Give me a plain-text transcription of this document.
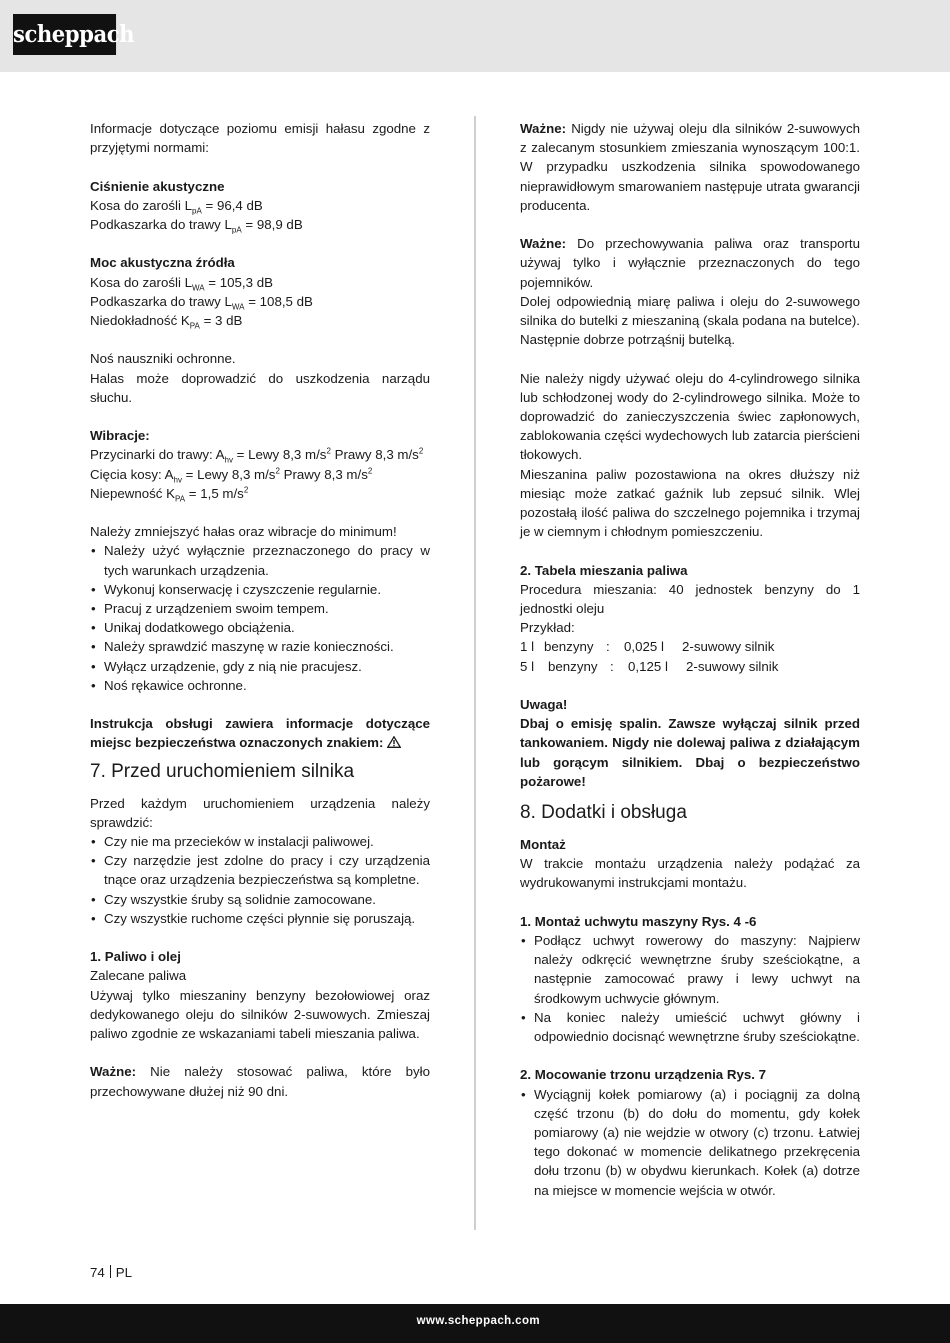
scheppach
Informacje dotyczące poziomu emisji hałasu zgodne z przyjętymi normami:
Ciśnienie akustyczne
Kosa do zarośli $L_{pA} = 96,4$ dB
Podkaszarka do trawy $L_{pA} = 98,9$ dB
Moc akustyczna źródła
Kosa do zarośli $L_{WA} = 105,3$ dB
Podkaszarka do trawy $L_{WA} = 108,5$ dB
Niedokładność $K_{PA} = 3$ dB
Noś nauszniki ochronne.
Halas może doprowadzić do uszkodzenia narządu słuchu.
Wibracje:
Przycinarki do trawy: $A_{hv}$ = Lewy 8,3 $m/s^2$ Prawy 8,3 $m/s^2$
Cięcia kosy: $A_{hv}$ = Lewy 8,3 $m/s^2$ Prawy 8,3 $m/s^2$
Niepewność $K_{PA} = 1,5$ $m/s^2$
Należy zmniejszyć hałas oraz wibracje do minimum!
• Należy użyć wyłącznie przeznaczonego do pracy w tych warunkach urządzenia.
• Wykonuj konserwację i czyszczenie regularnie.
• Pracuj z urządzeniem swoim tempem.
• Unikaj dodatkowego obciążenia.
• Należy sprawdzić maszynę w razie konieczności.
• Wyłącz urządzenie, gdy z nią nie pracujesz.
• Noś rękawice ochronne.
Instrukcja obsługi zawiera informacje dotyczące miejsc bezpieczeństwa oznaczonych znakiem:
7. Przed uruchomieniem silnika
Przed każdym uruchomieniem urządzenia należy sprawdzić:
• Czy nie ma przecieków w instalacji paliwowej.
• Czy narzędzie jest zdolne do pracy i czy urządzenia tnące oraz urządzenia bezpieczeństwa są kompletne.
• Czy wszystkie śruby są solidnie zamocowane.
• Czy wszystkie ruchome części płynnie się poruszają.
1. Paliwo i olej
Zalecane paliwa
Używaj tylko mieszaniny benzyny bezołowiowej oraz dedykowanego oleju do silników 2-suwowych. Zmieszaj paliwo zgodnie ze wskazaniami tabeli mieszania paliwa.
Ważne: Nie należy stosować paliwa, które było przechowywane dłużej niż 90 dni.
Ważne: Nigdy nie używaj oleju dla silników 2-suwowych z zalecanym stosunkiem zmieszania wynoszącym 100:1. W przypadku uszkodzenia silnika spowodowanego nieprawidłowym smarowaniem następuje utrata gwarancji producenta.
Ważne: Do przechowywania paliwa oraz transportu używaj tylko i wyłącznie przeznaczonych do tego pojemników.
Dolej odpowiednią miarę paliwa i oleju do 2-suwowego silnika do butelki z mieszaniną (skala podana na butelce). Następnie dobrze potrząśnij butelką.
Nie należy nigdy używać oleju do 4-cylindrowego silnika lub schłodzonej wody do 2-cylindrowego silnika. Może to doprowadzić do zanieczyszczenia świec zapłonowych, zablokowania części wydechowych lub zatarcia pierścieni tłokowych.
Mieszanina paliw pozostawiona na okres dłuższy niż miesiąc może zatkać gaźnik lub zepsuć silnik. Wlej pozostałą ilość paliwa do szczelnego pojemnika i trzymaj je w ciemnym i chłodnym pomieszczeniu.
2. Tabela mieszania paliwa
Procedura mieszania: 40 jednostek benzyny do 1 jednostki oleju
Przykład:
1 l benzyny : 0,025 l 2-suwowy silnik
5 l benzyny : 0,125 l 2-suwowy silnik
Uwaga!
Dbaj o emisję spalin. Zawsze wyłączaj silnik przed tankowaniem. Nigdy nie dolewaj paliwa z działającym lub gorącym silnikiem. Dbaj o bezpieczeństwo pożarowe!
8. Dodatki i obsługa
Montaż
W trakcie montażu urządzenia należy podążać za wydrukowanymi instrukcjami montażu.
1. Montaż uchwytu maszyny Rys. 4 -6
• Podłącz uchwyt rowerowy do maszyny: Najpierw należy odkręcić wewnętrzne śruby sześciokątne, a następnie zamocować prawy i lewy uchwyt na środkowym uchwycie głównym.
• Na koniec należy umieścić uchwyt główny i odpowiednio docisnąć wewnętrzne śruby sześciokątne.
2. Mocowanie trzonu urządzenia Rys. 7
• Wyciągnij kołek pomiarowy (a) i pociągnij za dolną część trzonu (b) do dołu do momentu, gdy kołek pomiarowy (a) nie wejdzie w otwory (c) trzonu. Łatwiej tego dokonać w momencie delikatnego przekręcenia dołu trzonu (b) w obydwu kierunkach. Kołek (a) dotrze na miejsce w momencie wejścia w otwór.
74 PL
www.scheppach.com
